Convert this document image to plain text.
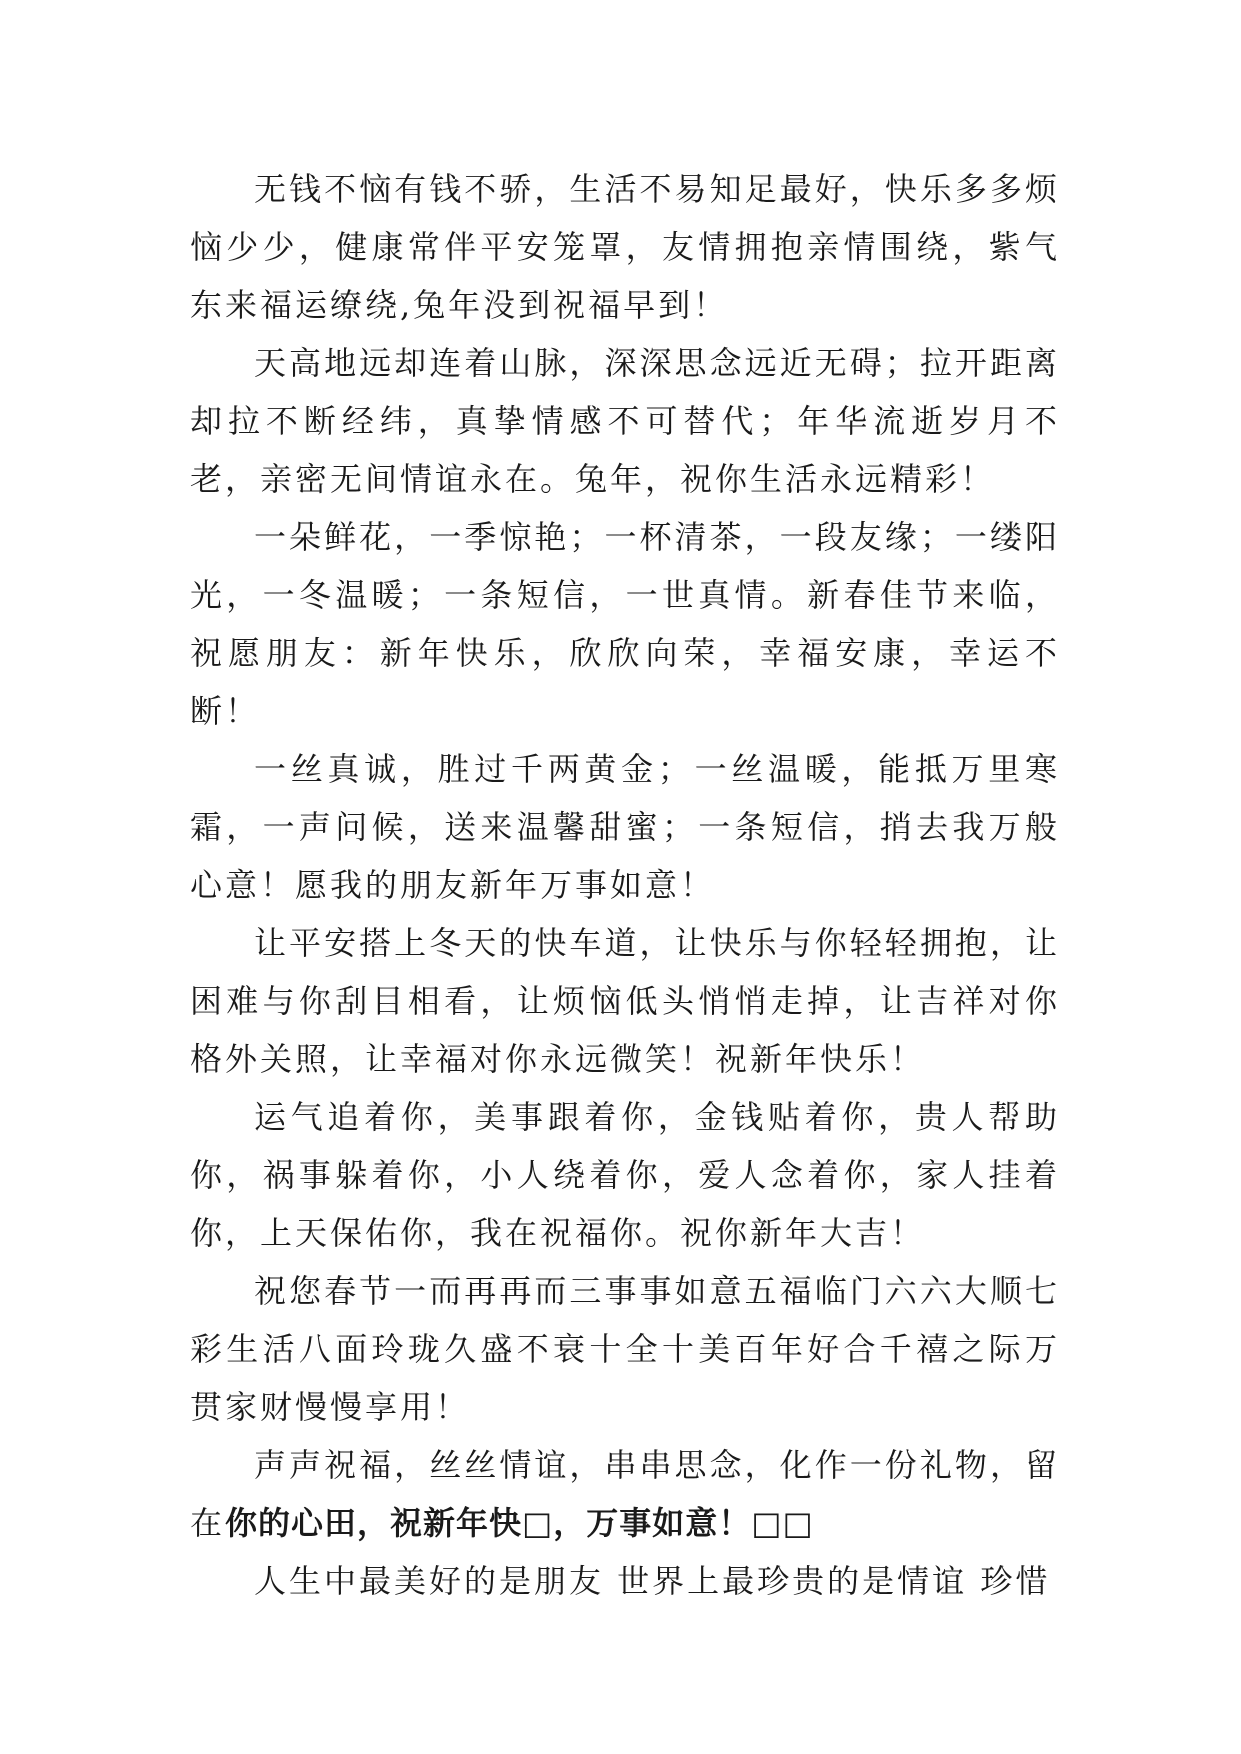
无钱不恼有钱不骄，生活不易知足最好，快乐多多烦恼少少，健康常伴平安笼罩，友情拥抱亲情围绕，紫气东来福运缭绕,兔年没到祝福早到！

天高地远却连着山脉，深深思念远近无碍；拉开距离却拉不断经纬，真挚情感不可替代；年华流逝岁月不老，亲密无间情谊永在。兔年，祝你生活永远精彩！

一朵鲜花，一季惊艳；一杯清茶，一段友缘；一缕阳光，一冬温暖；一条短信，一世真情。新春佳节来临，祝愿朋友：新年快乐，欣欣向荣，幸福安康，幸运不断！

一丝真诚，胜过千两黄金；一丝温暖，能抵万里寒霜，一声问候，送来温馨甜蜜；一条短信，捎去我万般心意！愿我的朋友新年万事如意！

让平安搭上冬天的快车道，让快乐与你轻轻拥抱，让困难与你刮目相看，让烦恼低头悄悄走掉，让吉祥对你格外关照，让幸福对你永远微笑！祝新年快乐！

运气追着你，美事跟着你，金钱贴着你，贵人帮助你，祸事躲着你，小人绕着你，爱人念着你，家人挂着你，上天保佑你，我在祝福你。祝你新年大吉！

祝您春节一而再再而三事事如意五福临门六六大顺七彩生活八面玲珑久盛不衰十全十美百年好合千禧之际万贯家财慢慢享用！

声声祝福，丝丝情谊，串串思念，化作一份礼物，留在你的心田，祝新年快□，万事如意！□□

人生中最美好的是朋友 世界上最珍贵的是情谊 珍惜
